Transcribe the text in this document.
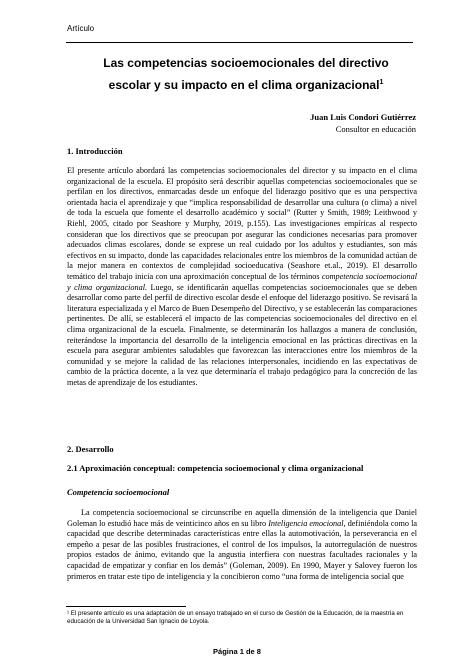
Artículo
Las competencias socioemocionales del directivo
escolar y su impacto en el clima organizacional$^1$
Juan Luis Condori Gutiérrez
Consultor en educación
1. Introducción

El presente artículo abordará las competencias socioemocionales del director y su impacto en el clima organizacional de la escuela. El propósito será describir aquellas competencias socioemocionales que se perfilan en los directivos, enmarcadas desde un enfoque del liderazgo positivo que es una perspectiva orientada hacia el aprendizaje y que “implica responsabilidad de desarrollar una cultura (o clima) a nivel de toda la escuela que fomente el desarrollo académico y social” (Rutter y Smith, 1989; Leithwood y Riehl, 2005, citado por Seashore y Murphy, 2019, p.155). Las investigaciones empíricas al respecto consideran que los directivos que se preocupan por asegurar las condiciones necesarias para promover adecuados climas escolares, donde se exprese un real cuidado por los adultos y estudiantes, son más efectivos en su impacto, donde las capacidades relacionales entre los miembros de la comunidad actúan de la mejor manera en contextos de complejidad socioeducativa (Seashore et.al., 2019). El desarrollo temático del trabajo inicia con una aproximación conceptual de los términos competencia socioemocional y clima organizacional. Luego, se identificarán aquellas competencias socioemocionales que se deben desarrollar como parte del perfil de directivo escolar desde el enfoque del liderazgo positivo. Se revisará la literatura especializada y el Marco de Buen Desempeño del Directivo, y se establecerán las comparaciones pertinentes. De allí, se establecerá el impacto de las competencias socioemocionales del directivo en el clima organizacional de la escuela. Finalmente, se determinarán los hallazgos a manera de conclusión, reiterándose la importancia del desarrollo de la inteligencia emocional en las prácticas directivas en la escuela para asegurar ambientes saludables que favorezcan las interacciones entre los miembros de la comunidad y se mejore la calidad de las relaciones interpersonales, incidiendo en las expectativas de cambio de la práctica docente, a la vez que determinaría el trabajo pedagógico para la concreción de las metas de aprendizaje de los estudiantes.

2. Desarrollo
2.1 Aproximación conceptual: competencia socioemocional y clima organizacional
Competencia socioemocional

La competencia socioemocional se circunscribe en aquella dimensión de la inteligencia que Daniel Goleman lo estudió hace más de veinticinco años en su libro Inteligencia emocional, definiéndola como la capacidad que describe determinadas características entre ellas la automotivación, la perseverancia en el empeño a pesar de las posibles frustraciones, el control de los impulsos, la autorregulación de nuestros propios estados de ánimo, evitando que la angustia interfiera con nuestras facultades racionales y la capacidad de empatizar y confiar en los demás” (Goleman, 2009). En 1990, Mayer y Salovey fueron los primeros en tratar este tipo de inteligencia y la concibieron como “una forma de inteligencia social que

¹ El presente artículo es una adaptación de un ensayo trabajado en el curso de Gestión de la Educación, de la maestría en educación de la Universidad San Ignacio de Loyola.
Página 1 de 8
